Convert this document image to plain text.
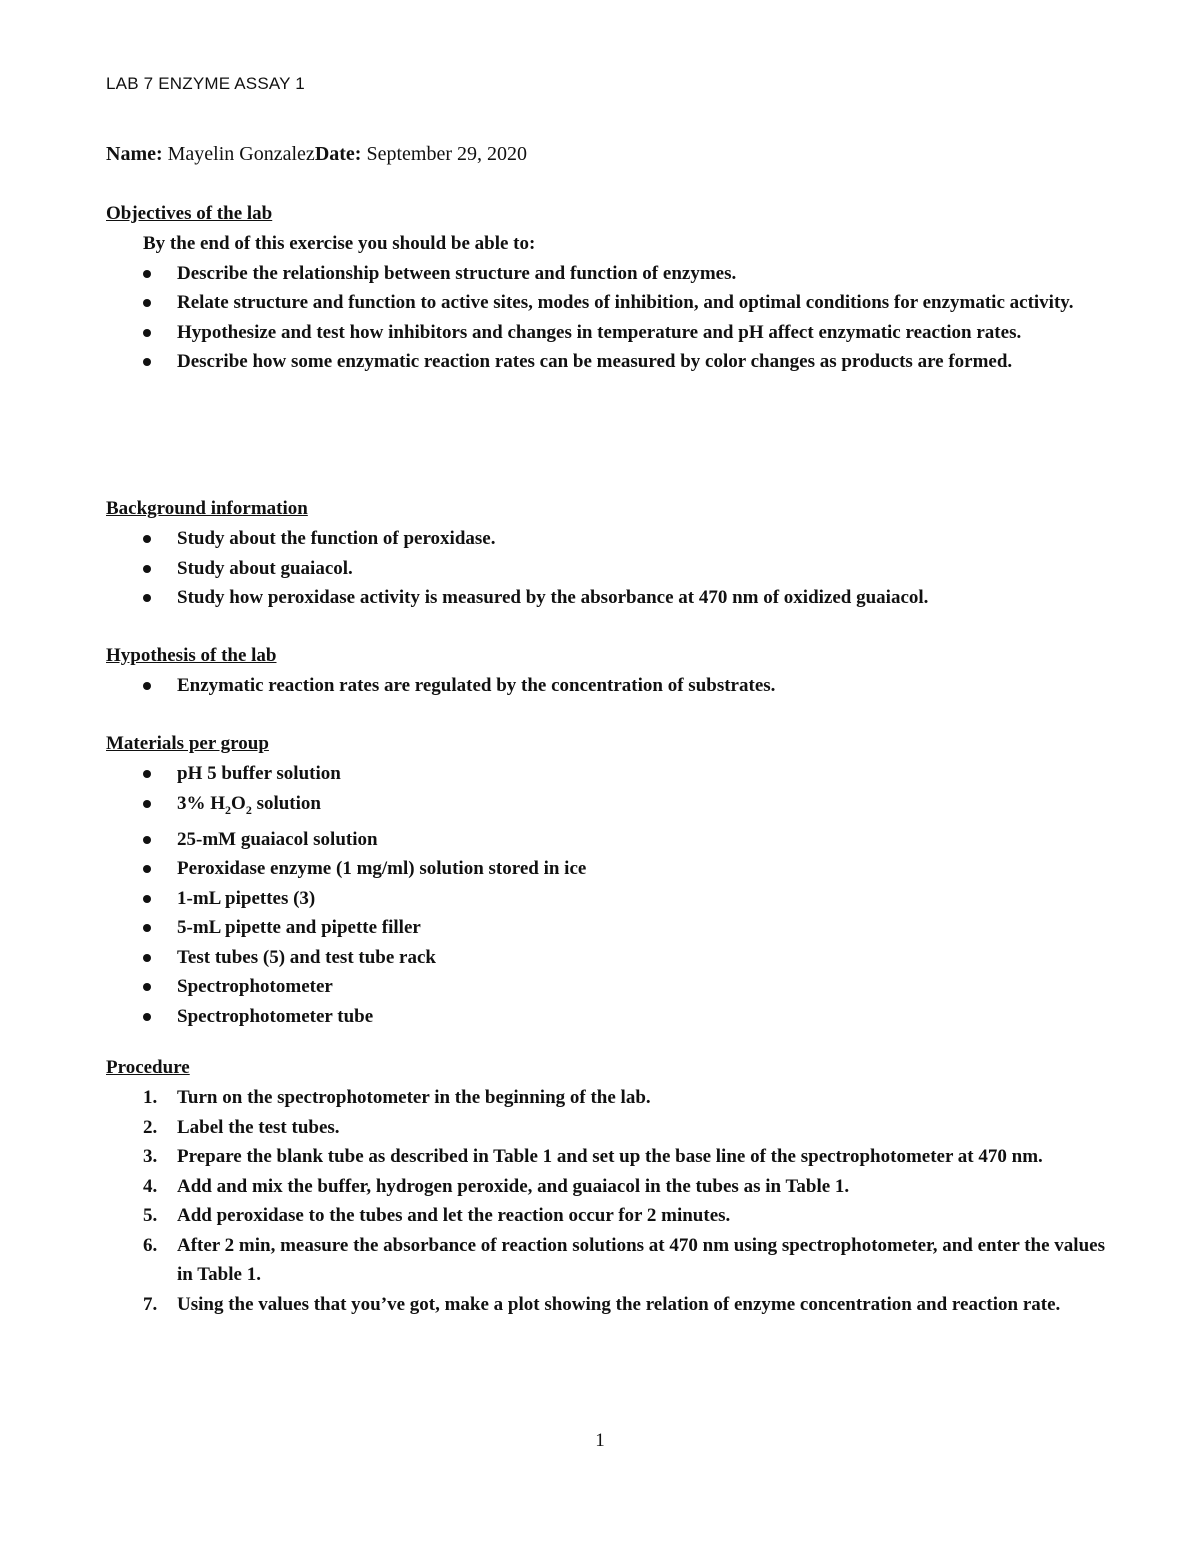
LAB 7 ENZYME ASSAY 1
Name: Mayelin GonzalezDate: September 29, 2020
Objectives of the lab
By the end of this exercise you should be able to:
Describe the relationship between structure and function of enzymes.
Relate structure and function to active sites, modes of inhibition, and optimal conditions for enzymatic activity.
Hypothesize and test how inhibitors and changes in temperature and pH affect enzymatic reaction rates.
Describe how some enzymatic reaction rates can be measured by color changes as products are formed.
Background information
Study about the function of peroxidase.
Study about guaiacol.
Study how peroxidase activity is measured by the absorbance at 470 nm of oxidized guaiacol.
Hypothesis of the lab
Enzymatic reaction rates are regulated by the concentration of substrates.
Materials per group
pH 5 buffer solution
3% $H_2O_2$ solution
25-mM guaiacol solution
Peroxidase enzyme (1 mg/ml) solution stored in ice
1-mL pipettes (3)
5-mL pipette and pipette filler
Test tubes (5) and test tube rack
Spectrophotometer
Spectrophotometer tube
Procedure
1.	Turn on the spectrophotometer in the beginning of the lab.
2.	Label the test tubes.
3.	Prepare the blank tube as described in Table 1 and set up the base line of the spectrophotometer at 470 nm.
4.	Add and mix the buffer, hydrogen peroxide, and guaiacol in the tubes as in Table 1.
5.	Add peroxidase to the tubes and let the reaction occur for 2 minutes.
6.	After 2 min, measure the absorbance of reaction solutions at 470 nm using spectrophotometer, and enter the values in Table 1.
7.	Using the values that you’ve got, make a plot showing the relation of enzyme concentration and reaction rate.
1
